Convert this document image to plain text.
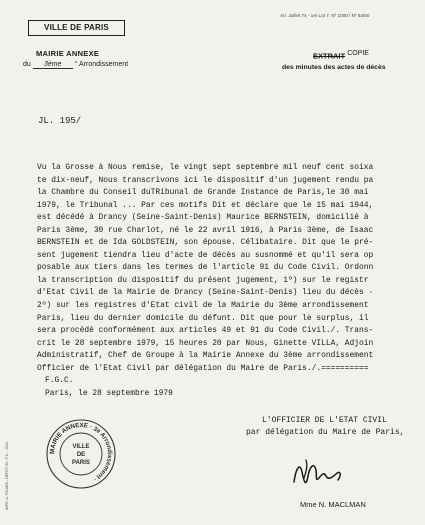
Arr. Juillet 74 - 1er Lot 7. Nº 1000 / Nº 64/50
VILLE DE PARIS
MAIRIE ANNEXE
du 3ème ° Arrondissement
EXTRAIT COPIE
des minutes des actes de décès
JL. 195/
Vu la Grosse à Nous remise, le vingt sept septembre mil neuf cent soixa
te dix-neuf, Nous transcrivons ici le dispositif d'un jugement rendu pa
la Chambre du Conseil duTRibunal de Grande Instance de Paris,le 30 mai
1979, le Tribunal ... Par ces motifs Dit et déclare que le 15 mai 1944,
est décédé à Drancy (Seine-Saint-Denis) Maurice BERNSTEIN, domicilié à
Paris 3ème, 30 rue Charlot, né le 22 avril 1916, à Paris 3ème, de Isaac
BERNSTEIN et de Ida GOLDSTEIN, son épouse. Célibataire. Dit que le pré-
sent jugement tiendra lieu d'acte de décès au susnommé et qu'il sera op
posable aux tiers dans les termes de l'article 91 du Code Civil. Ordonn
la transcription du dispositif du présent jugement, 1º) sur le registr
d'Etat Civil de la Mairie de Drancy (Seine-Saint-Denis) lieu du décès ·
2º) sur les registres d'Etat civil de la Mairie du 3ème arrondissement
Paris, lieu du dernier domicile du défunt. Dit que pour le surplus, il
sera procédé conformément aux articles 49 et 91 du Code Civil./. Trans-
crit le 28 septembre 1979, 15 heures 20 par Nous, Ginette VILLA, Adjoin
Administratif, Chef de Groupe à la Mairie Annexe du 3ème arrondissement
Officier de l'Etat Civil par délégation du Maire de Paris./.==========
F.G.C.
Paris, le 28 septembre 1979
L'OFFICIER DE L'ETAT CIVIL
par délégation du Maire de Paris,
MAIRIE ANNEXE · 3e Arrondissement ·
VILLE
DE
PARIS
Mme N. MACLMAN
IMPR. A. PICARD - DÉPÔT 63 - P.C. - 3021
